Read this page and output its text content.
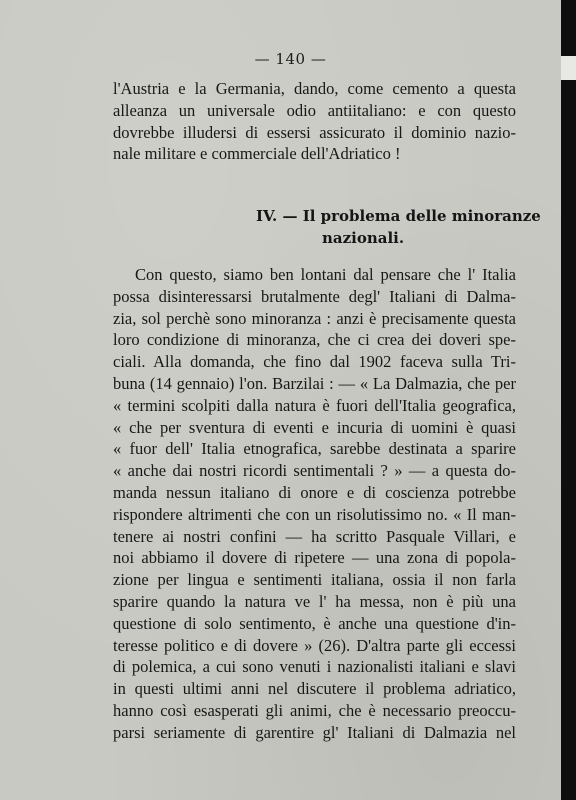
— 140 —
l'Austria e la Germania, dando, come cemento a questa
alleanza un universale odio antiitaliano: e con questo
dovrebbe illudersi di essersi assicurato il dominio nazio-
nale militare e commerciale dell'Adriatico !
IV. — Il problema delle minoranze
nazionali.
Con questo, siamo ben lontani dal pensare che l' Italia
possa disinteressarsi brutalmente degl' Italiani di Dalma-
zia, sol perchè sono minoranza : anzi è precisamente questa
loro condizione di minoranza, che ci crea dei doveri spe-
ciali. Alla domanda, che fino dal 1902 faceva sulla Tri-
buna (14 gennaio) l'on. Barzilai : — « La Dalmazia, che per
« termini scolpiti dalla natura è fuori dell'Italia geografica,
« che per sventura di eventi e incuria di uomini è quasi
« fuor dell' Italia etnografica, sarebbe destinata a sparire
« anche dai nostri ricordi sentimentali ? » — a questa do-
manda nessun italiano di onore e di coscienza potrebbe
rispondere altrimenti che con un risolutissimo no. « Il man-
tenere ai nostri confini — ha scritto Pasquale Villari, e
noi abbiamo il dovere di ripetere — una zona di popola-
zione per lingua e sentimenti italiana, ossia il non farla
sparire quando la natura ve l' ha messa, non è più una
questione di solo sentimento, è anche una questione d'in-
teresse politico e di dovere » (26). D'altra parte gli eccessi
di polemica, a cui sono venuti i nazionalisti italiani e slavi
in questi ultimi anni nel discutere il problema adriatico,
hanno così esasperati gli animi, che è necessario preoccu-
parsi seriamente di garentire gl' Italiani di Dalmazia nel
